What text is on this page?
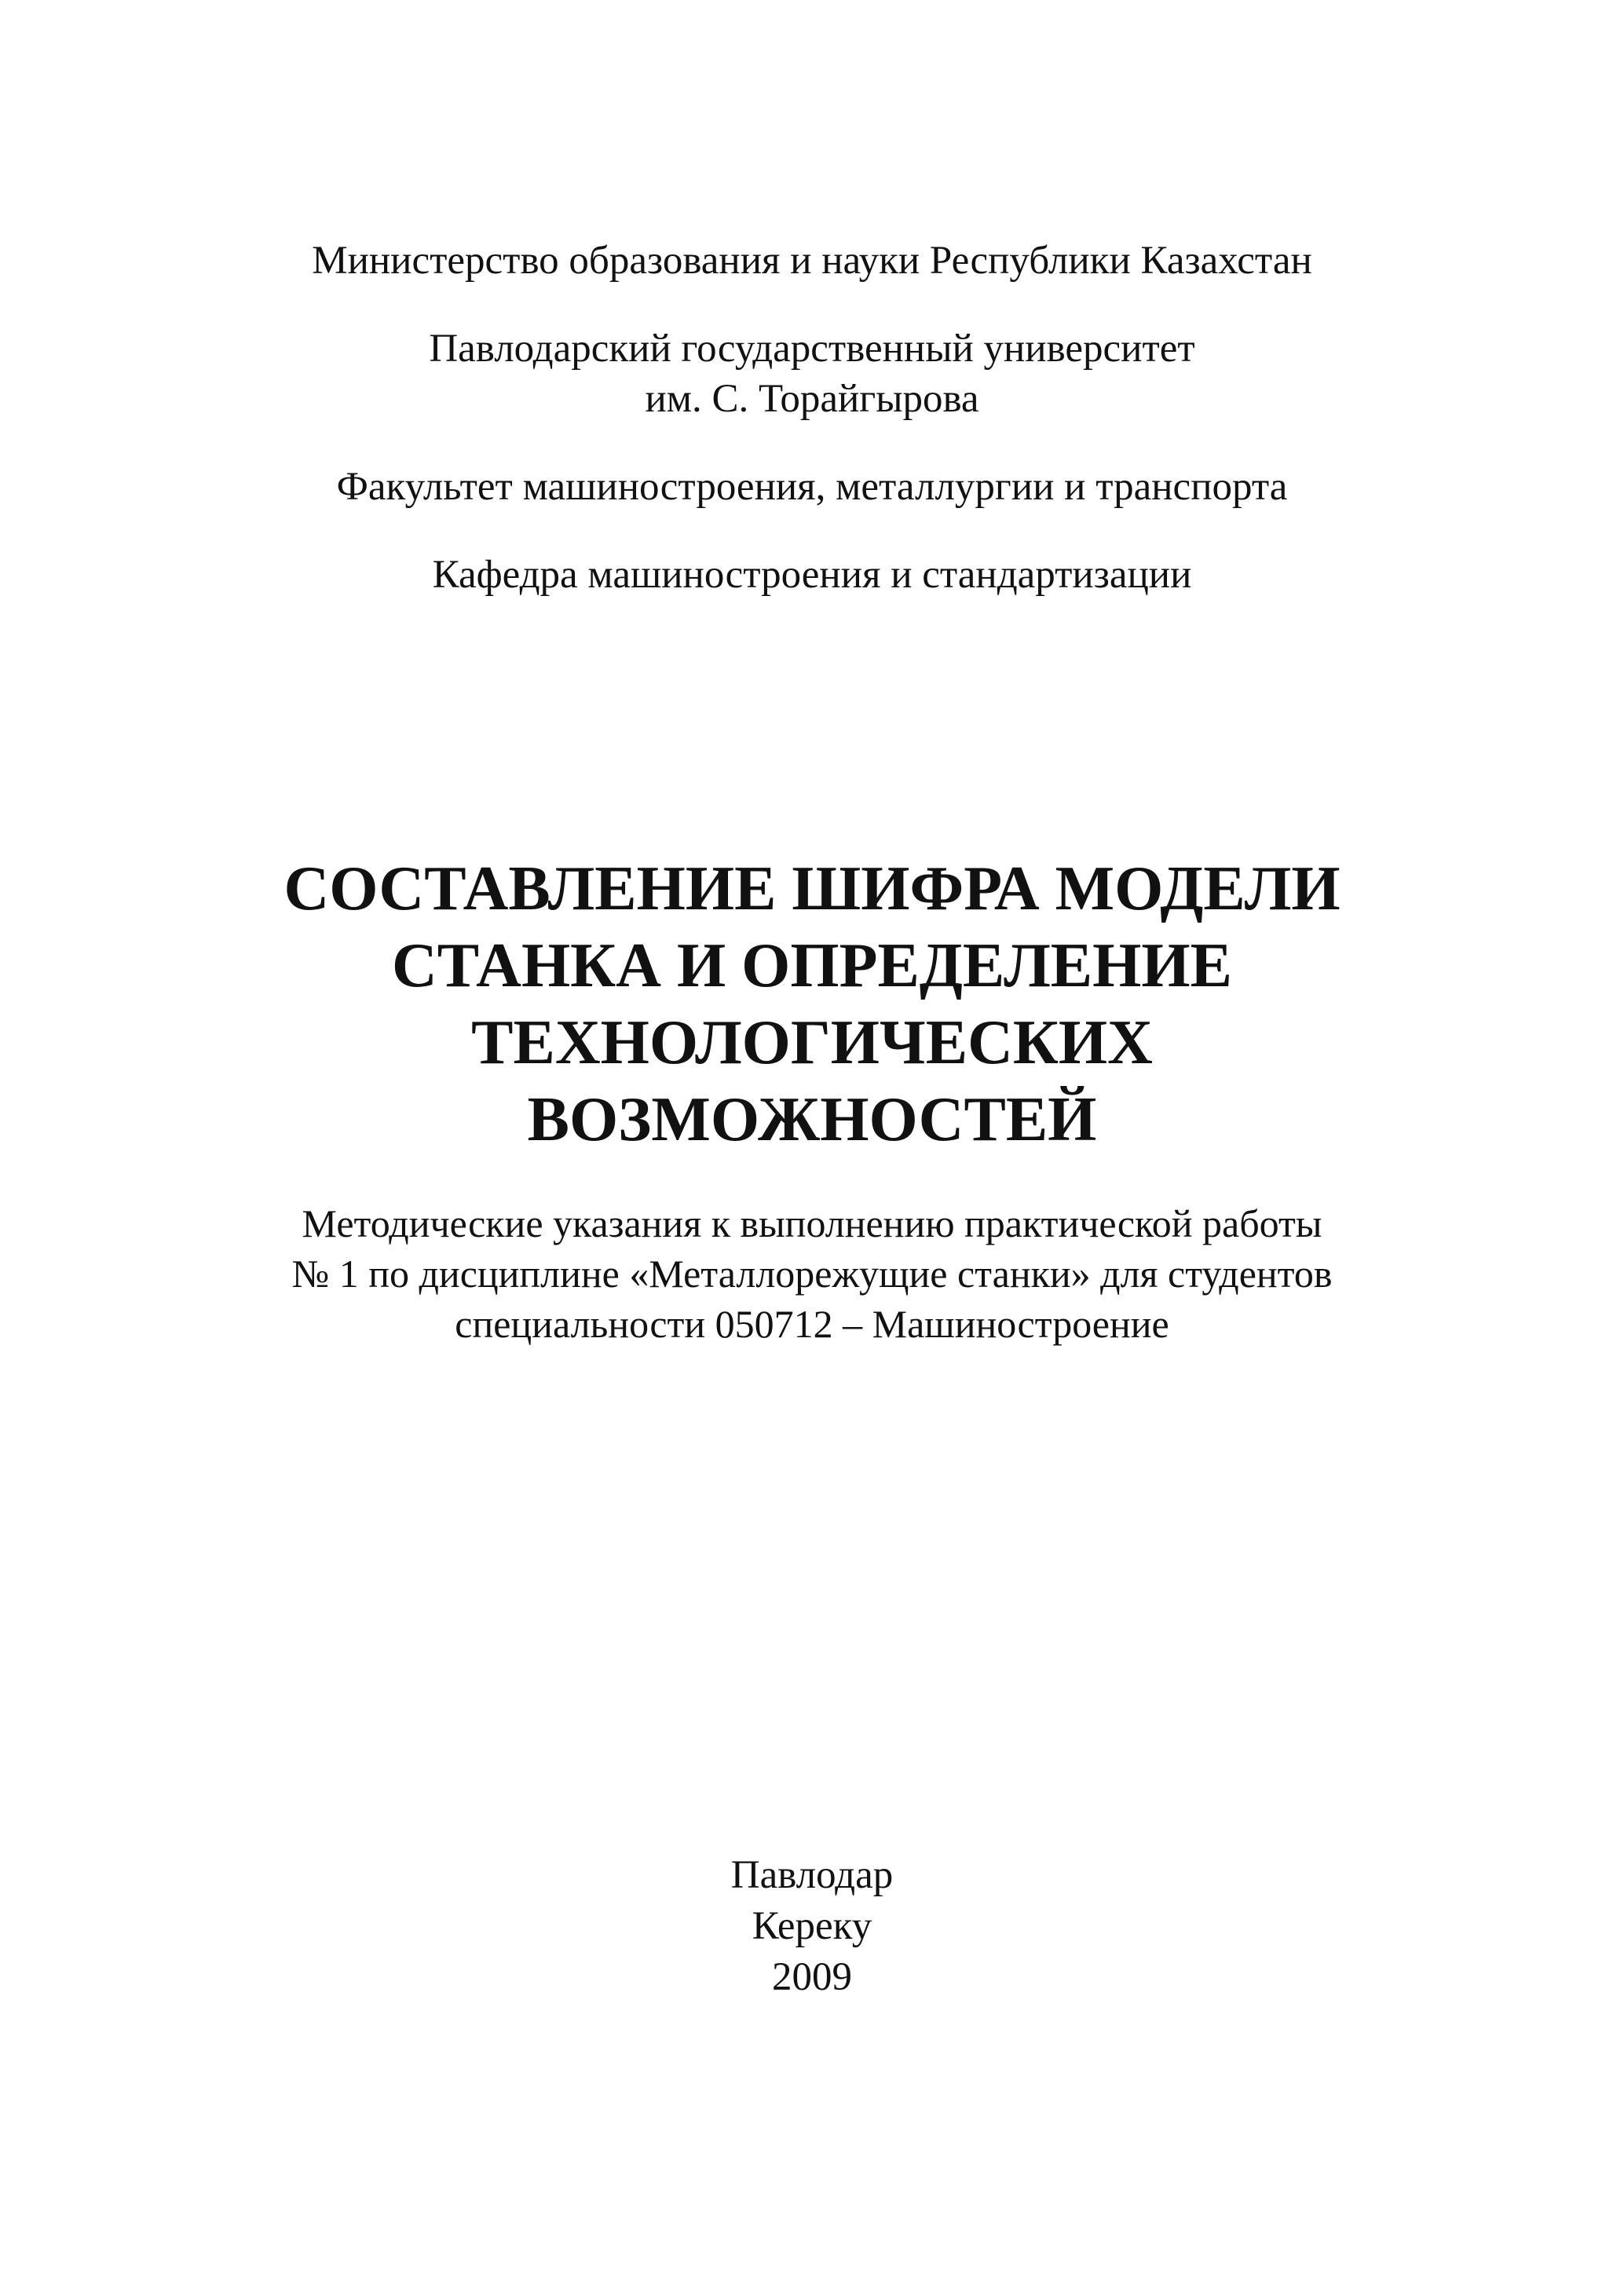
Министерство образования и науки Республики Казахстан
Павлодарский государственный университет
им. С. Торайгырова
Факультет машиностроения, металлургии и транспорта
Кафедра машиностроения и стандартизации
СОСТАВЛЕНИЕ ШИФРА МОДЕЛИ
СТАНКА И ОПРЕДЕЛЕНИЕ
ТЕХНОЛОГИЧЕСКИХ
ВОЗМОЖНОСТЕЙ
Методические указания к выполнению практической работы
№ 1 по дисциплине «Металлорежущие станки» для студентов
специальности 050712 – Машиностроение
Павлодар
Кереку
2009
